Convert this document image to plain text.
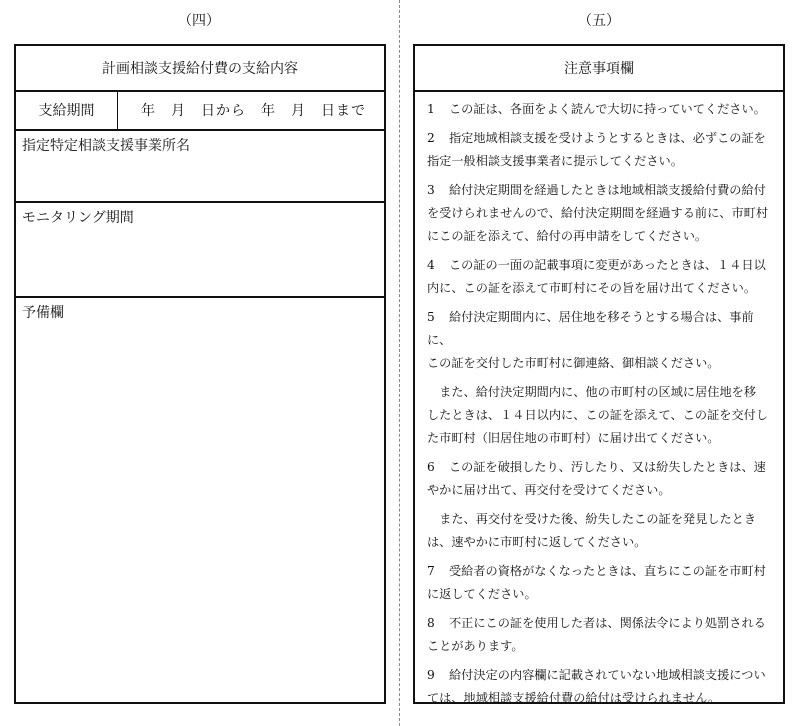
（四）	（五）
計画相談支援給付費の支給内容
支給期間	年　月　日から　年　月　日まで
指定特定相談支援事業所名
モニタリング期間
予備欄
注意事項欄
1 この証は、各面をよく読んで大切に持っていてください。
2 指定地域相談支援を受けようとするときは、必ずこの証を
指定一般相談支援事業者に提示してください。
3 給付決定期間を経過したときは地域相談支援給付費の給付
を受けられませんので、給付決定期間を経過する前に、市町村にこの証を添えて、給付の再申請をしてください。
4 この証の一面の記載事項に変更があったときは、１４日以
内に、この証を添えて市町村にその旨を届け出てください。
5 給付決定期間内に、居住地を移そうとする場合は、事前に、
この証を交付した市町村に御連絡、御相談ください。
　また、給付決定期間内に、他の市町村の区域に居住地を移
したときは、１４日以内に、この証を添えて、この証を交付した市町村（旧居住地の市町村）に届け出てください。
6 この証を破損したり、汚したり、又は紛失したときは、速
やかに届け出て、再交付を受けてください。
　また、再交付を受けた後、紛失したこの証を発見したとき
は、速やかに市町村に返してください。
7 受給者の資格がなくなったときは、直ちにこの証を市町村
に返してください。
8 不正にこの証を使用した者は、関係法令により処罰される
ことがあります。
9 給付決定の内容欄に記載されていない地域相談支援につい
ては、地域相談支援給付費の給付は受けられません。
